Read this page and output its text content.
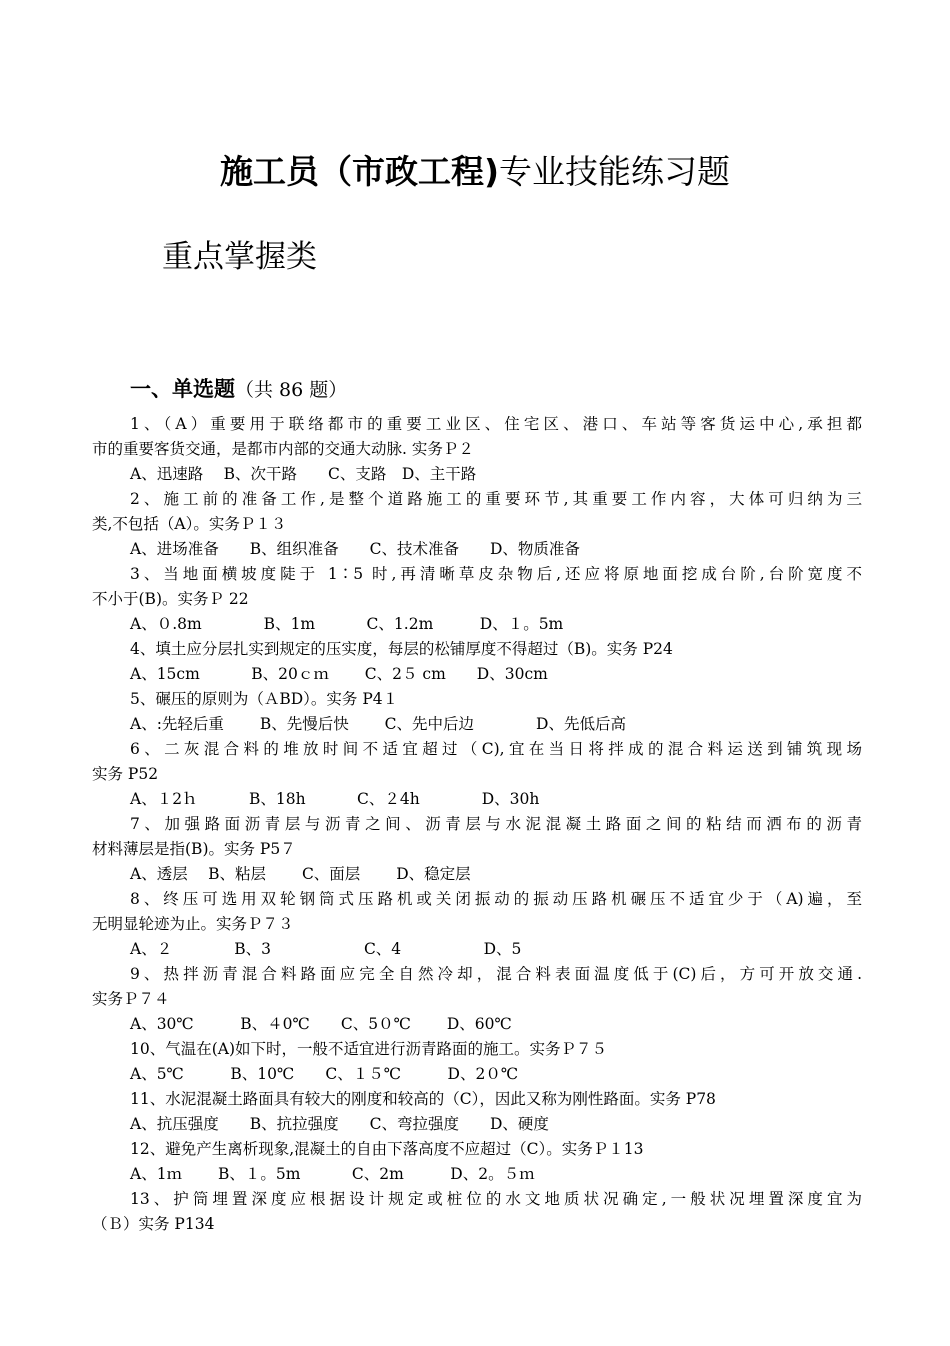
施工员（市政工程)专业技能练习题
重点掌握类
一、单选题（共 86 题）
1、（A）重要用于联络都市的重要工业区、住宅区、港口、车站等客货运中心,承担都
市的重要客货交通，是都市内部的交通大动脉. 实务Ｐ２
A、迅速路　 B、次干路　　C、支路　D、主干路
2、施工前的准备工作,是整个道路施工的重要环节,其重要工作内容，大体可归纳为三
类,不包括（A）。实务Ｐ１３
A、进场准备　　B、组织准备　　C、技术准备　　D、物质准备
3、当地面横坡度陡于 1∶5 时,再清晰草皮杂物后,还应将原地面挖成台阶,台阶宽度不
不小于(B)。实务Ｐ 22
A、０.8m　　　　B、1m　　　 C、1.2m　　　D、１。5m
4、填土应分层扎实到规定的压实度，每层的松铺厚度不得超过（B)。实务 P24
A、15cm　　　 B、20ｃｍ　　 C、2５ cm　　D、30cm
5、碾压的原则为（ＡBD）。实务 P4１
A、:先轻后重　　 B、先慢后快　　 C、先中后边　　　　D、先低后高
6、二灰混合料的堆放时间不适宜超过（C),宜在当日将拌成的混合料运送到铺筑现场
实务 P52
A、１2ｈ　　　 B、18h　　　 C、２4h　　　　D、30h
7、加强路面沥青层与沥青之间、沥青层与水泥混凝土路面之间的粘结而洒布的沥青
材料薄层是指(B)。实务 P5７
A、透层　 B、粘层　　 C、面层　　 D、稳定层
8、终压可选用双轮钢筒式压路机或关闭振动的振动压路机碾压不适宜少于（A)遍，至
无明显轮迹为止。实务Ｐ７３
A、２　　　　B、3　　　　　　C、4　　　　　 D、5
9、热拌沥青混合料路面应完全自然冷却，混合料表面温度低于(C)后，方可开放交通.
实务Ｐ７４
A、30℃　　　B、４0℃　　C、5０℃　　 D、60℃
10、气温在(A)如下时，一般不适宜进行沥青路面的施工。实务Ｐ７５
A、5℃　　　B、10℃　　C、１５℃　　　D、2０℃
11、水泥混凝土路面具有较大的刚度和较高的（C），因此又称为刚性路面。实务 P78
A、抗压强度　　B、抗拉强度　　C、弯拉强度　　D、硬度
12、避免产生离析现象,混凝土的自由下落高度不应超过（C）。实务Ｐ１13
A、1ｍ　　 B、１。5m　　　 C、2m　　　D、2。５ｍ
13、护筒埋置深度应根据设计规定或桩位的水文地质状况确定,一般状况埋置深度宜为
（Ｂ）实务 P134
